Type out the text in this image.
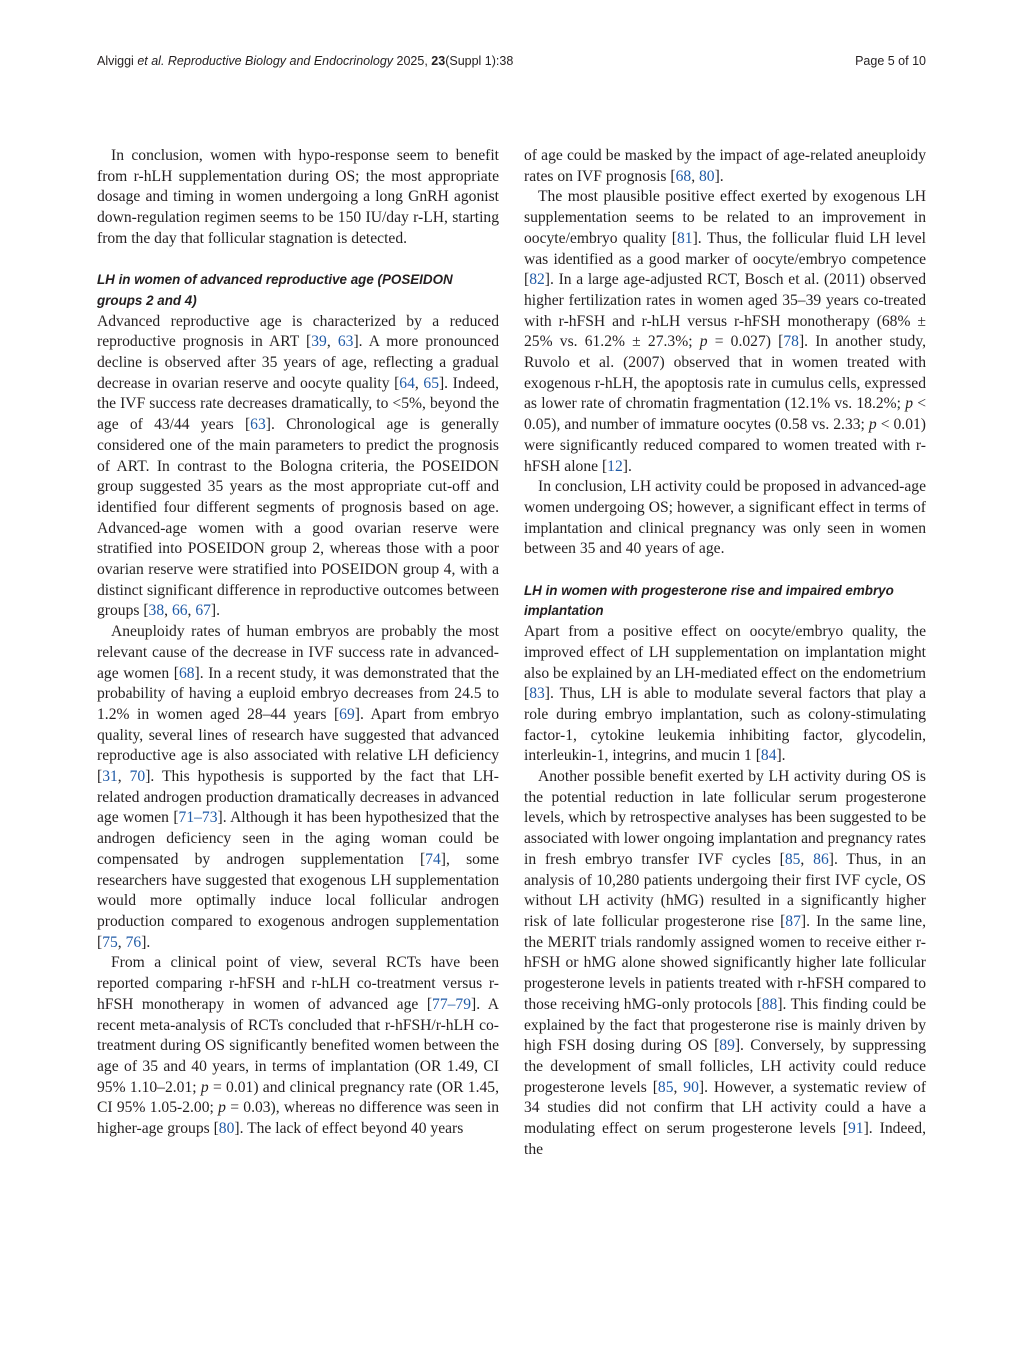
Alviggi et al. Reproductive Biology and Endocrinology 2025, 23(Suppl 1):38	Page 5 of 10

In conclusion, women with hypo-response seem to benefit from r-hLH supplementation during OS; the most appropriate dosage and timing in women undergoing a long GnRH agonist down-regulation regimen seems to be 150 IU/day r-LH, starting from the day that follicular stagnation is detected.

LH in women of advanced reproductive age (POSEIDON groups 2 and 4)

Advanced reproductive age is characterized by a reduced reproductive prognosis in ART [39, 63]. A more pronounced decline is observed after 35 years of age, reflecting a gradual decrease in ovarian reserve and oocyte quality [64, 65]. Indeed, the IVF success rate decreases dramatically, to <5%, beyond the age of 43/44 years [63]. Chronological age is generally considered one of the main parameters to predict the prognosis of ART. In contrast to the Bologna criteria, the POSEIDON group suggested 35 years as the most appropriate cut-off and identified four different segments of prognosis based on age. Advanced-age women with a good ovarian reserve were stratified into POSEIDON group 2, whereas those with a poor ovarian reserve were stratified into POSEIDON group 4, with a distinct significant difference in reproductive outcomes between groups [38, 66, 67].

Aneuploidy rates of human embryos are probably the most relevant cause of the decrease in IVF success rate in advanced-age women [68]. In a recent study, it was demonstrated that the probability of having a euploid embryo decreases from 24.5 to 1.2% in women aged 28–44 years [69]. Apart from embryo quality, several lines of research have suggested that advanced reproductive age is also associated with relative LH deficiency [31, 70]. This hypothesis is supported by the fact that LH-related androgen production dramatically decreases in advanced age women [71–73]. Although it has been hypothesized that the androgen deficiency seen in the aging woman could be compensated by androgen supplementation [74], some researchers have suggested that exogenous LH supplementation would more optimally induce local follicular androgen production compared to exogenous androgen supplementation [75, 76].

From a clinical point of view, several RCTs have been reported comparing r-hFSH and r-hLH co-treatment versus r-hFSH monotherapy in women of advanced age [77–79]. A recent meta-analysis of RCTs concluded that r-hFSH/r-hLH co-treatment during OS significantly benefited women between the age of 35 and 40 years, in terms of implantation (OR 1.49, CI 95% 1.10–2.01; p = 0.01) and clinical pregnancy rate (OR 1.45, CI 95% 1.05-2.00; p = 0.03), whereas no difference was seen in higher-age groups [80]. The lack of effect beyond 40 years

of age could be masked by the impact of age-related aneuploidy rates on IVF prognosis [68, 80].

The most plausible positive effect exerted by exogenous LH supplementation seems to be related to an improvement in oocyte/embryo quality [81]. Thus, the follicular fluid LH level was identified as a good marker of oocyte/embryo competence [82]. In a large age-adjusted RCT, Bosch et al. (2011) observed higher fertilization rates in women aged 35–39 years co-treated with r-hFSH and r-hLH versus r-hFSH monotherapy (68% ± 25% vs. 61.2% ± 27.3%; p = 0.027) [78]. In another study, Ruvolo et al. (2007) observed that in women treated with exogenous r-hLH, the apoptosis rate in cumulus cells, expressed as lower rate of chromatin fragmentation (12.1% vs. 18.2%; p < 0.05), and number of immature oocytes (0.58 vs. 2.33; p < 0.01) were significantly reduced compared to women treated with r-hFSH alone [12].

In conclusion, LH activity could be proposed in advanced-age women undergoing OS; however, a significant effect in terms of implantation and clinical pregnancy was only seen in women between 35 and 40 years of age.

LH in women with progesterone rise and impaired embryo implantation

Apart from a positive effect on oocyte/embryo quality, the improved effect of LH supplementation on implantation might also be explained by an LH-mediated effect on the endometrium [83]. Thus, LH is able to modulate several factors that play a role during embryo implantation, such as colony-stimulating factor-1, cytokine leukemia inhibiting factor, glycodelin, interleukin-1, integrins, and mucin 1 [84].

Another possible benefit exerted by LH activity during OS is the potential reduction in late follicular serum progesterone levels, which by retrospective analyses has been suggested to be associated with lower ongoing implantation and pregnancy rates in fresh embryo transfer IVF cycles [85, 86]. Thus, in an analysis of 10,280 patients undergoing their first IVF cycle, OS without LH activity (hMG) resulted in a significantly higher risk of late follicular progesterone rise [87]. In the same line, the MERIT trials randomly assigned women to receive either r-hFSH or hMG alone showed significantly higher late follicular progesterone levels in patients treated with r-hFSH compared to those receiving hMG-only protocols [88]. This finding could be explained by the fact that progesterone rise is mainly driven by high FSH dosing during OS [89]. Conversely, by suppressing the development of small follicles, LH activity could reduce progesterone levels [85, 90]. However, a systematic review of 34 studies did not confirm that LH activity could a have a modulating effect on serum progesterone levels [91]. Indeed, the
